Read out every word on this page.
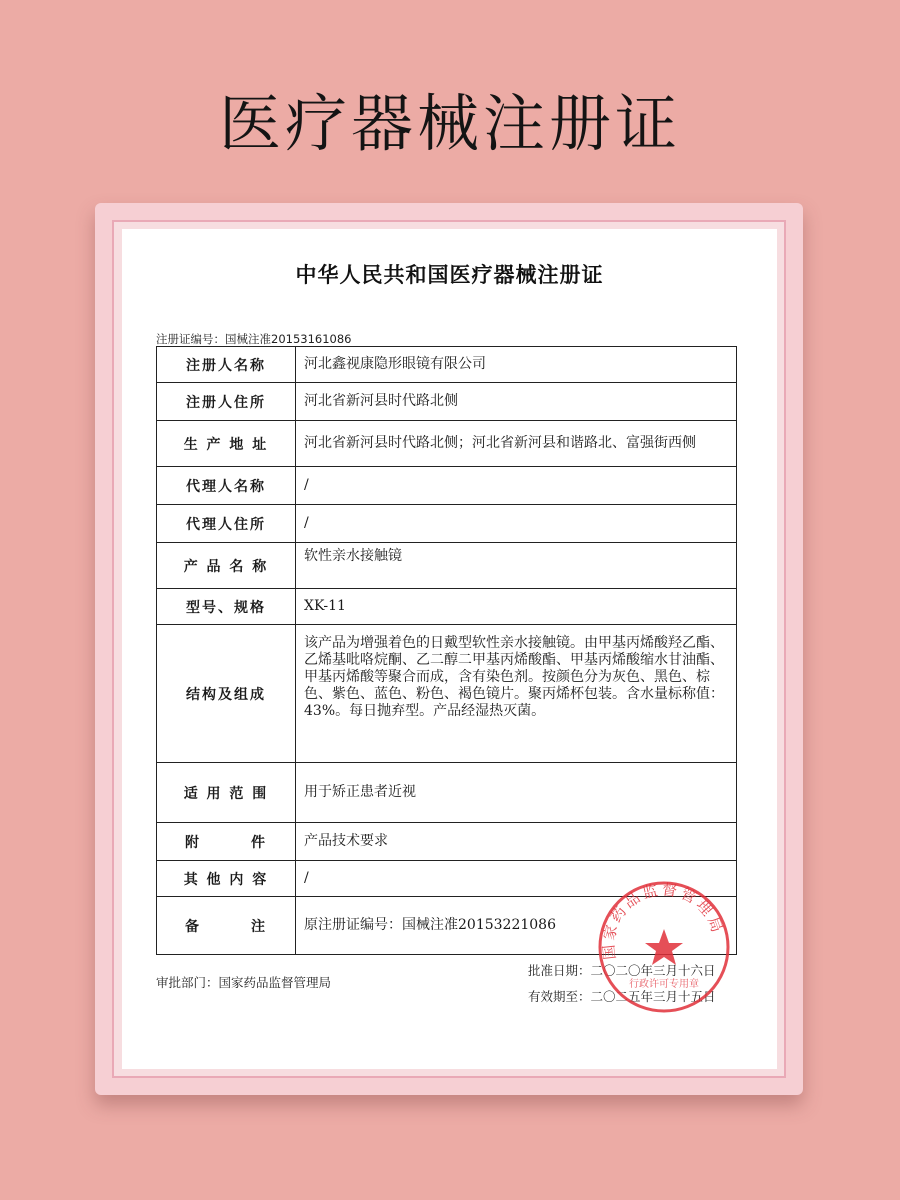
医疗器械注册证
中华人民共和国医疗器械注册证
注册证编号：国械注准20153161086
注册人名称	河北鑫视康隐形眼镜有限公司
注册人住所	河北省新河县时代路北侧
生 产 地 址	河北省新河县时代路北侧；河北省新河县和谐路北、富强街西侧
代理人名称	/
代理人住所	/
产 品 名 称	软性亲水接触镜
型号、规格	XK-11
结构及组成	该产品为增强着色的日戴型软性亲水接触镜。由甲基丙烯酸羟乙酯、乙烯基吡咯烷酮、乙二醇二甲基丙烯酸酯、甲基丙烯酸缩水甘油酯、甲基丙烯酸等聚合而成，含有染色剂。按颜色分为灰色、黑色、棕色、紫色、蓝色、粉色、褐色镜片。聚丙烯杯包装。含水量标称值：43%。每日抛弃型。产品经湿热灭菌。
适 用 范 围	用于矫正患者近视

附 件	产品技术要求
其 他 内 容	/

备 注	原注册证编号：国械注准20153221086
审批部门：国家药品监督管理局
批准日期：二〇二〇年三月十六日
有效期至：二〇二五年三月十五日
国家药品监督管理局
行政许可专用章
